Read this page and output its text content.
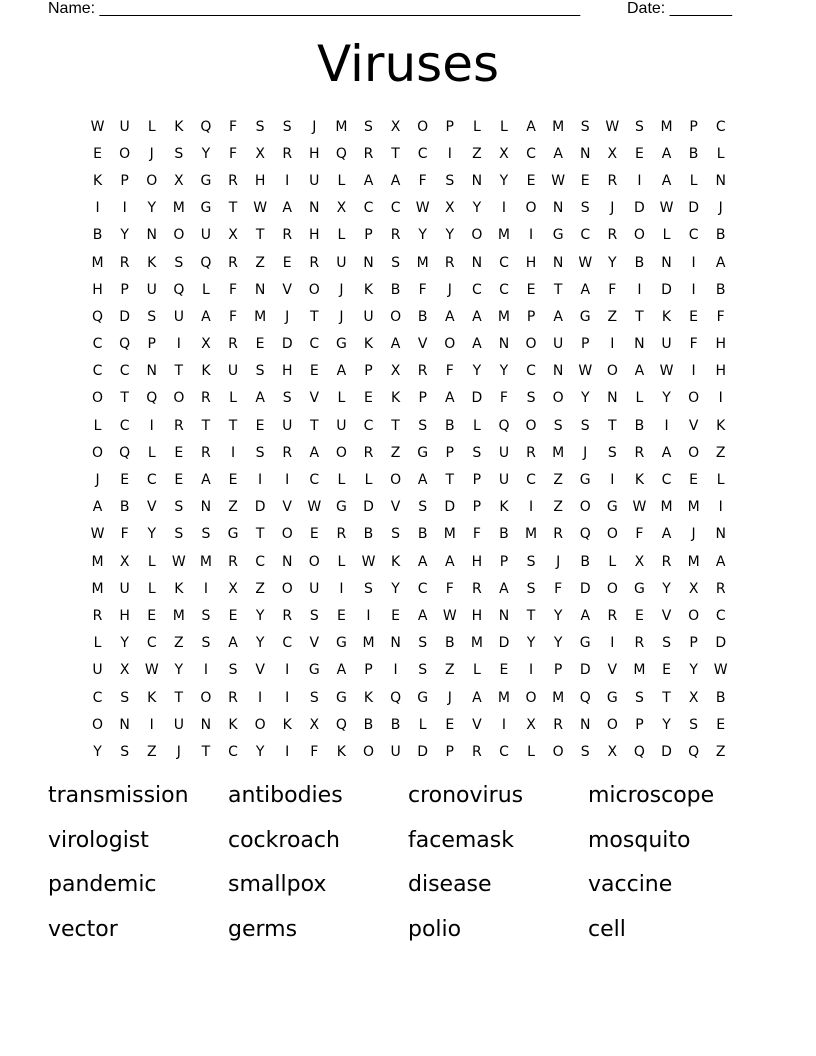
Name: ______________________________________________________	Date: _______
Viruses
W	U	L	K	Q	F	S	S	J	M	S	X	O	P	L	L	A	M	S	W	S	M	P	C
E	O	J	S	Y	F	X	R	H	Q	R	T	C	I	Z	X	C	A	N	X	E	A	B	L
K	P	O	X	G	R	H	I	U	L	A	A	F	S	N	Y	E	W	E	R	I	A	L	N
I	I	Y	M	G	T	W	A	N	X	C	C	W	X	Y	I	O	N	S	J	D	W	D	J
B	Y	N	O	U	X	T	R	H	L	P	R	Y	Y	O	M	I	G	C	R	O	L	C	B
M	R	K	S	Q	R	Z	E	R	U	N	S	M	R	N	C	H	N	W	Y	B	N	I	A
H	P	U	Q	L	F	N	V	O	J	K	B	F	J	C	C	E	T	A	F	I	D	I	B
Q	D	S	U	A	F	M	J	T	J	U	O	B	A	A	M	P	A	G	Z	T	K	E	F
C	Q	P	I	X	R	E	D	C	G	K	A	V	O	A	N	O	U	P	I	N	U	F	H
C	C	N	T	K	U	S	H	E	A	P	X	R	F	Y	Y	C	N	W	O	A	W	I	H
O	T	Q	O	R	L	A	S	V	L	E	K	P	A	D	F	S	O	Y	N	L	Y	O	I
L	C	I	R	T	T	E	U	T	U	C	T	S	B	L	Q	O	S	S	T	B	I	V	K
O	Q	L	E	R	I	S	R	A	O	R	Z	G	P	S	U	R	M	J	S	R	A	O	Z
J	E	C	E	A	E	I	I	C	L	L	O	A	T	P	U	C	Z	G	I	K	C	E	L
A	B	V	S	N	Z	D	V	W	G	D	V	S	D	P	K	I	Z	O	G	W	M	M	I
W	F	Y	S	S	G	T	O	E	R	B	S	B	M	F	B	M	R	Q	O	F	A	J	N
M	X	L	W	M	R	C	N	O	L	W	K	A	A	H	P	S	J	B	L	X	R	M	A
M	U	L	K	I	X	Z	O	U	I	S	Y	C	F	R	A	S	F	D	O	G	Y	X	R
R	H	E	M	S	E	Y	R	S	E	I	E	A	W	H	N	T	Y	A	R	E	V	O	C
L	Y	C	Z	S	A	Y	C	V	G	M	N	S	B	M	D	Y	Y	G	I	R	S	P	D
U	X	W	Y	I	S	V	I	G	A	P	I	S	Z	L	E	I	P	D	V	M	E	Y	W
C	S	K	T	O	R	I	I	S	G	K	Q	G	J	A	M	O	M	Q	G	S	T	X	B
O	N	I	U	N	K	O	K	X	Q	B	B	L	E	V	I	X	R	N	O	P	Y	S	E
Y	S	Z	J	T	C	Y	I	F	K	O	U	D	P	R	C	L	O	S	X	Q	D	Q	Z
transmission	antibodies	cronovirus	microscope
virologist	cockroach	facemask	mosquito
pandemic	smallpox	disease	vaccine
vector	germs	polio	cell
